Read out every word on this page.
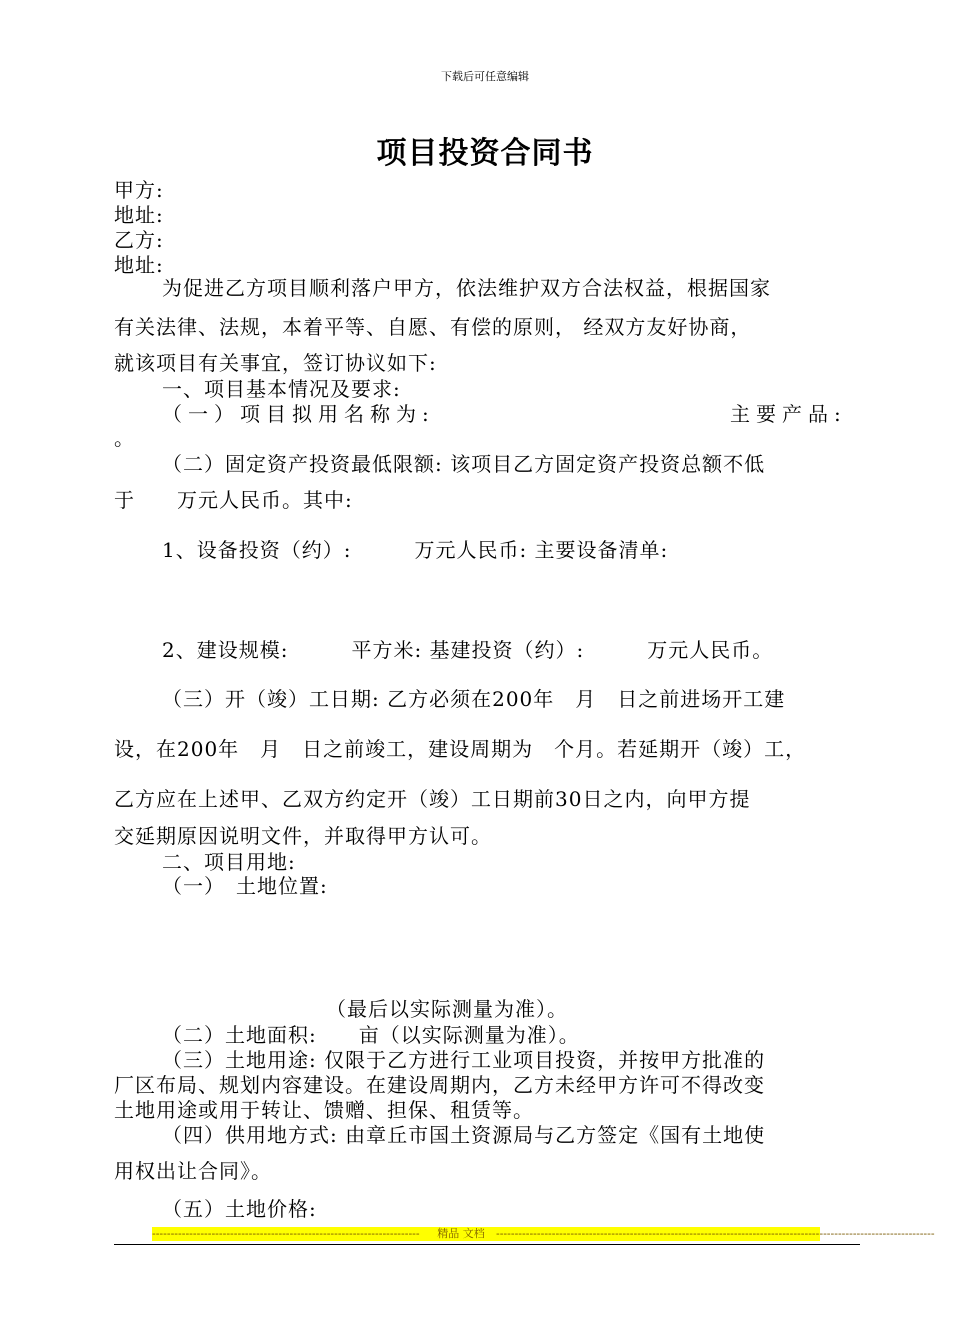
下载后可任意编辑
项目投资合同书
甲方:
地址:
乙方:
地址:
为促进乙方项目顺利落户甲方，依法维护双方合法权益，根据国家
有关法律、法规，本着平等、自愿、有偿的原则， 经双方友好协商，
就该项目有关事宜，签订协议如下:
一、项目基本情况及要求:
（一）项目拟用名称为:	主要产品:
。
（二）固定资产投资最低限额: 该项目乙方固定资产投资总额不低
于　　万元人民币。其中:
1、设备投资（约）:　　　万元人民币: 主要设备清单:
2、建设规模:　　　平方米: 基建投资（约）:　　　万元人民币。
（三）开（竣）工日期: 乙方必须在200年　月　日之前进场开工建
设，在200年　月　日之前竣工，建设周期为　个月。若延期开（竣）工，
乙方应在上述甲、乙双方约定开（竣）工日期前30日之内，向甲方提
交延期原因说明文件，并取得甲方认可。
二、项目用地:
（一）　土地位置:
（最后以实际测量为准）。
（二）土地面积:　　亩（以实际测量为准）。
（三）土地用途: 仅限于乙方进行工业项目投资，并按甲方批准的
厂区布局、规划内容建设。在建设周期内，乙方未经甲方许可不得改变
土地用途或用于转让、馈赠、担保、租赁等。
（四）供用地方式: 由章丘市国土资源局与乙方签定《国有土地使
用权出让合同》。
（五）土地价格:
------------------------------------------------------------------------	----------------------------------------------------------------------------------------------------------------------
精品 文档
